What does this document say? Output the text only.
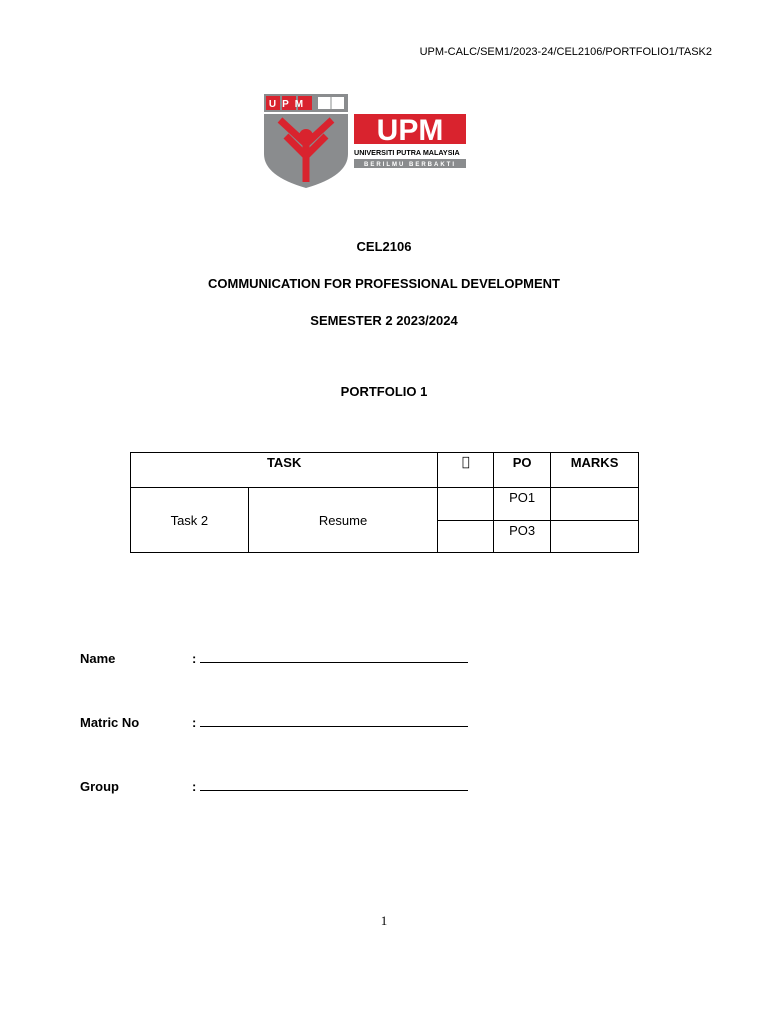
UPM-CALC/SEM1/2023-24/CEL2106/PORTFOLIO1/TASK2
UPM
UPM
UNIVERSITI PUTRA MALAYSIA
BERILMU BERBAKTI
CEL2106
COMMUNICATION FOR PROFESSIONAL DEVELOPMENT
SEMESTER 2 2023/2024
PORTFOLIO 1
TASK			PO	MARKS
Task 2	Resume		PO1	
			PO3	
Name	:
Matric No	:
Group	:
1
